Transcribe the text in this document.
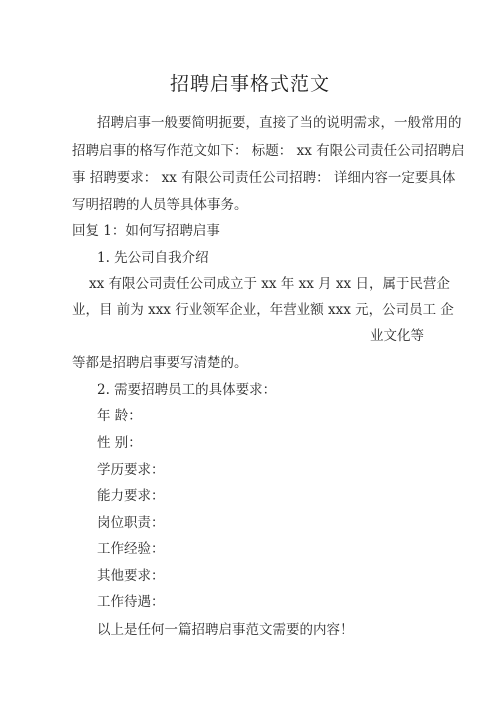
招聘启事格式范文
招聘启事一般要简明扼要，直接了当的说明需求，一般常用的
招聘启事的格写作范文如下： 标题： xx 有限公司责任公司招聘启
事 招聘要求： xx 有限公司责任公司招聘： 详细内容一定要具体
写明招聘的人员等具体事务。
回复 1：如何写招聘启事
1. 先公司自我介绍
xx 有限公司责任公司成立于 xx 年 xx 月 xx 日，属于民营企
业，目 前为 xxx 行业领军企业，年营业额 xxx 元，公司员工 企
业文化等
等都是招聘启事要写清楚的。
2. 需要招聘员工的具体要求：
年 龄：
性 别：
学历要求：
能力要求：
岗位职责：
工作经验：
其他要求：
工作待遇：
以上是任何一篇招聘启事范文需要的内容！
